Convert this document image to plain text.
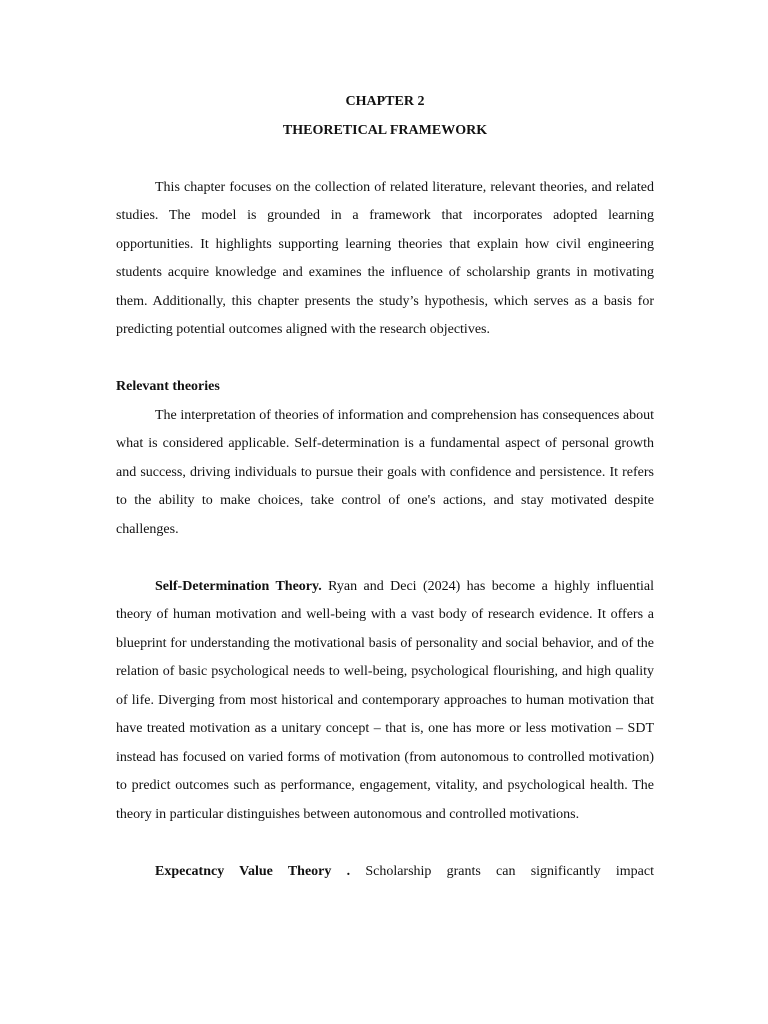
CHAPTER 2
THEORETICAL FRAMEWORK

This chapter focuses on the collection of related literature, relevant theories, and related studies. The model is grounded in a framework that incorporates adopted learning opportunities. It highlights supporting learning theories that explain how civil engineering students acquire knowledge and examines the influence of scholarship grants in motivating them. Additionally, this chapter presents the study’s hypothesis, which serves as a basis for predicting potential outcomes aligned with the research objectives.

Relevant theories

The interpretation of theories of information and comprehension has consequences about what is considered applicable. Self-determination is a fundamental aspect of personal growth and success, driving individuals to pursue their goals with confidence and persistence. It refers to the ability to make choices, take control of one's actions, and stay motivated despite challenges.

Self-Determination Theory. Ryan and Deci (2024) has become a highly influential theory of human motivation and well-being with a vast body of research evidence. It offers a blueprint for understanding the motivational basis of personality and social behavior, and of the relation of basic psychological needs to well-being, psychological flourishing, and high quality of life. Diverging from most historical and contemporary approaches to human motivation that have treated motivation as a unitary concept – that is, one has more or less motivation – SDT instead has focused on varied forms of motivation (from autonomous to controlled motivation) to predict outcomes such as performance, engagement, vitality, and psychological health. The theory in particular distinguishes between autonomous and controlled motivations.

Expecatncy Value Theory . Scholarship grants can significantly impact
